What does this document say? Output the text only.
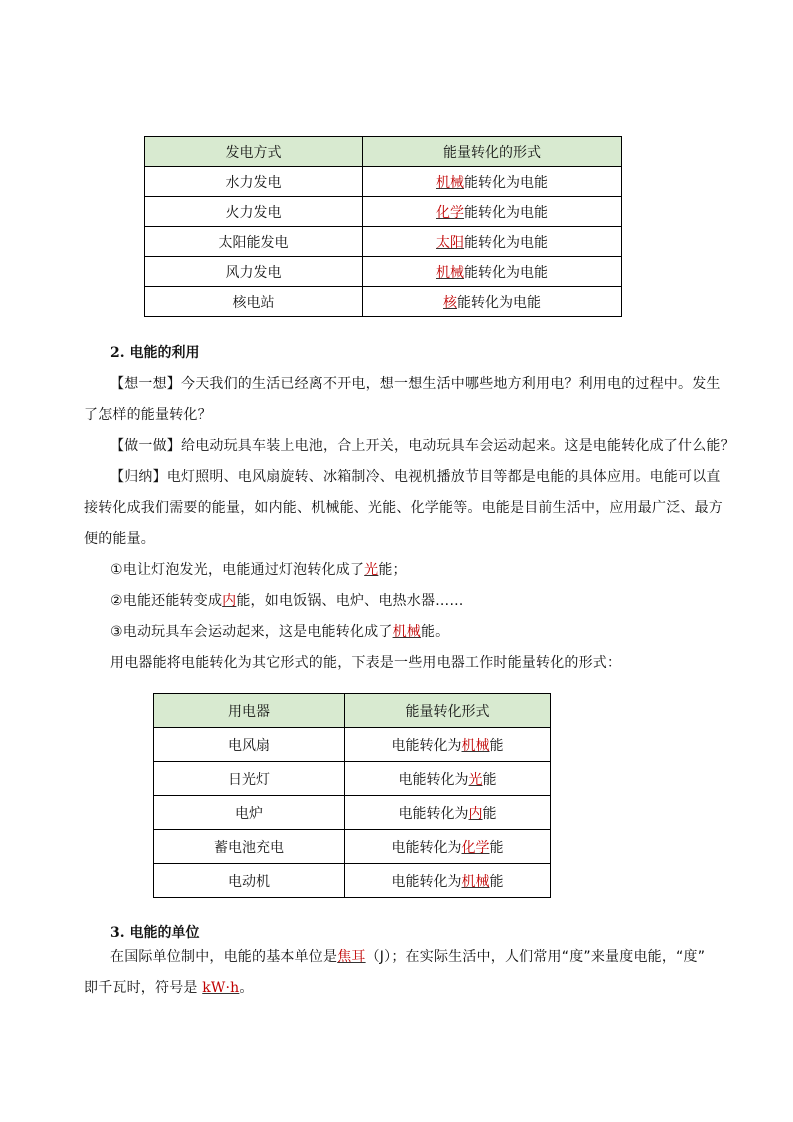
发电方式	能量转化的形式
水力发电	机械能转化为电能
火力发电	化学能转化为电能
太阳能发电	太阳能转化为电能
风力发电	机械能转化为电能
核电站	核能转化为电能
2. 电能的利用
【想一想】今天我们的生活已经离不开电，想一想生活中哪些地方利用电？利用电的过程中。发生
了怎样的能量转化？
【做一做】给电动玩具车装上电池，合上开关，电动玩具车会运动起来。这是电能转化成了什么能？
【归纳】电灯照明、电风扇旋转、冰箱制冷、电视机播放节目等都是电能的具体应用。电能可以直
接转化成我们需要的能量，如内能、机械能、光能、化学能等。电能是目前生活中，应用最广泛、最方
便的能量。
①电让灯泡发光，电能通过灯泡转化成了光能；
②电能还能转变成内能，如电饭锅、电炉、电热水器……
③电动玩具车会运动起来，这是电能转化成了机械能。
用电器能将电能转化为其它形式的能，下表是一些用电器工作时能量转化的形式：
用电器	能量转化形式
电风扇	电能转化为机械能
日光灯	电能转化为光能
电炉	电能转化为内能
蓄电池充电	电能转化为化学能
电动机	电能转化为机械能
3. 电能的单位
在国际单位制中，电能的基本单位是焦耳（J）；在实际生活中，人们常用“度”来量度电能，“度”
即千瓦时，符号是 kW·h。
